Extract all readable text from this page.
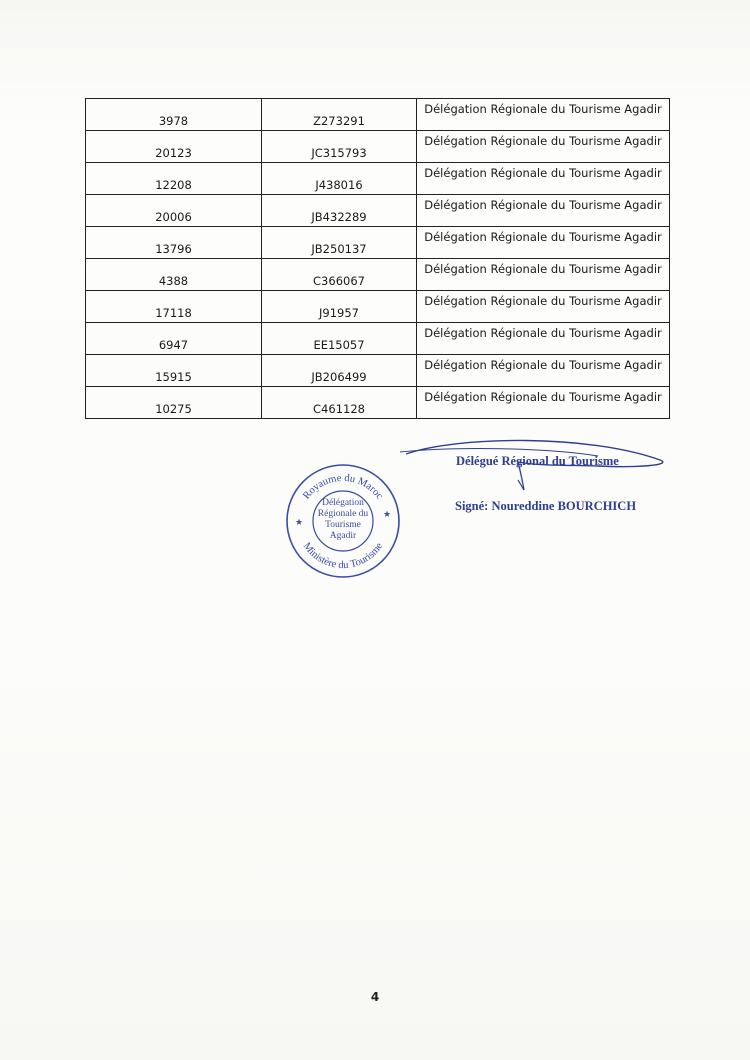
3978	Z273291	Délégation Régionale du Tourisme Agadir
20123	JC315793	Délégation Régionale du Tourisme Agadir
12208	J438016	Délégation Régionale du Tourisme Agadir
20006	JB432289	Délégation Régionale du Tourisme Agadir
13796	JB250137	Délégation Régionale du Tourisme Agadir
4388	C366067	Délégation Régionale du Tourisme Agadir
17118	J91957	Délégation Régionale du Tourisme Agadir
6947	EE15057	Délégation Régionale du Tourisme Agadir
15915	JB206499	Délégation Régionale du Tourisme Agadir
10275	C461128	Délégation Régionale du Tourisme Agadir
Royaume du Maroc
Ministère du Tourisme
★
★
Délégation
Régionale du
Tourisme
Agadir
Délégué Régional du Tourisme
Signé: Noureddine BOURCHICH
4
